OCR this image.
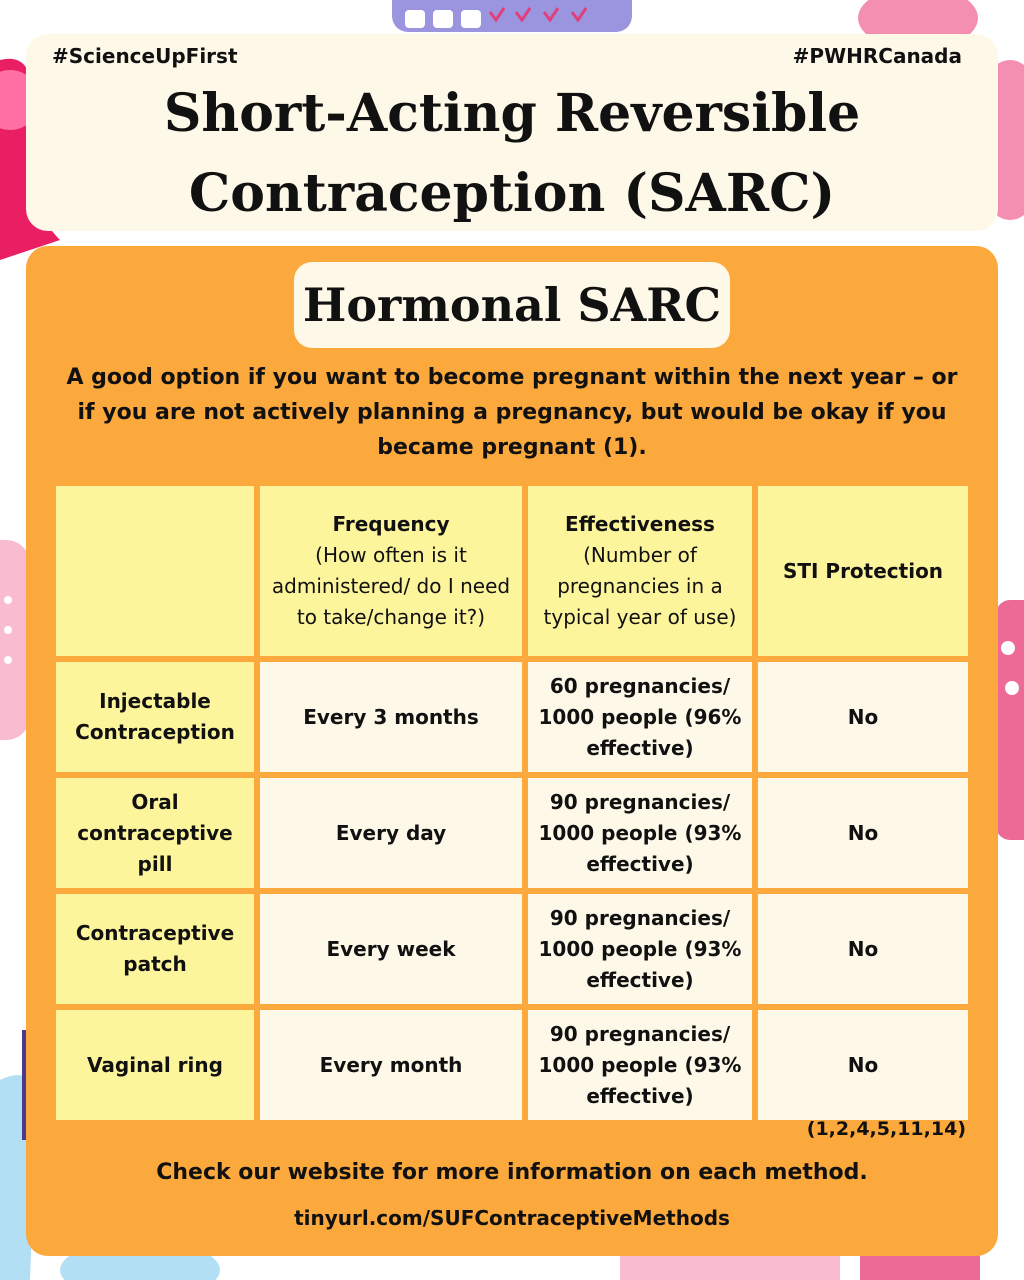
#ScienceUpFirst	#PWHRCanada
Short-Acting Reversible
Contraception (SARC)
Hormonal SARC
A good option if you want to become pregnant within the next year – or if you are not actively planning a pregnancy, but would be okay if you became pregnant (1).
Frequency
(How often is it administered/ do I need to take/change it?)
Effectiveness
(Number of pregnancies in a typical year of use)
STI Protection
Injectable Contraception
Every 3 months
60 pregnancies/ 1000 people (96% effective)
No
Oral contraceptive pill
Every day
90 pregnancies/ 1000 people (93% effective)
No
Contraceptive patch
Every week
90 pregnancies/ 1000 people (93% effective)
No
Vaginal ring	Every month
90 pregnancies/ 1000 people (93% effective)
No
(1,2,4,5,11,14)
Check our website for more information on each method.
tinyurl.com/SUFContraceptiveMethods
